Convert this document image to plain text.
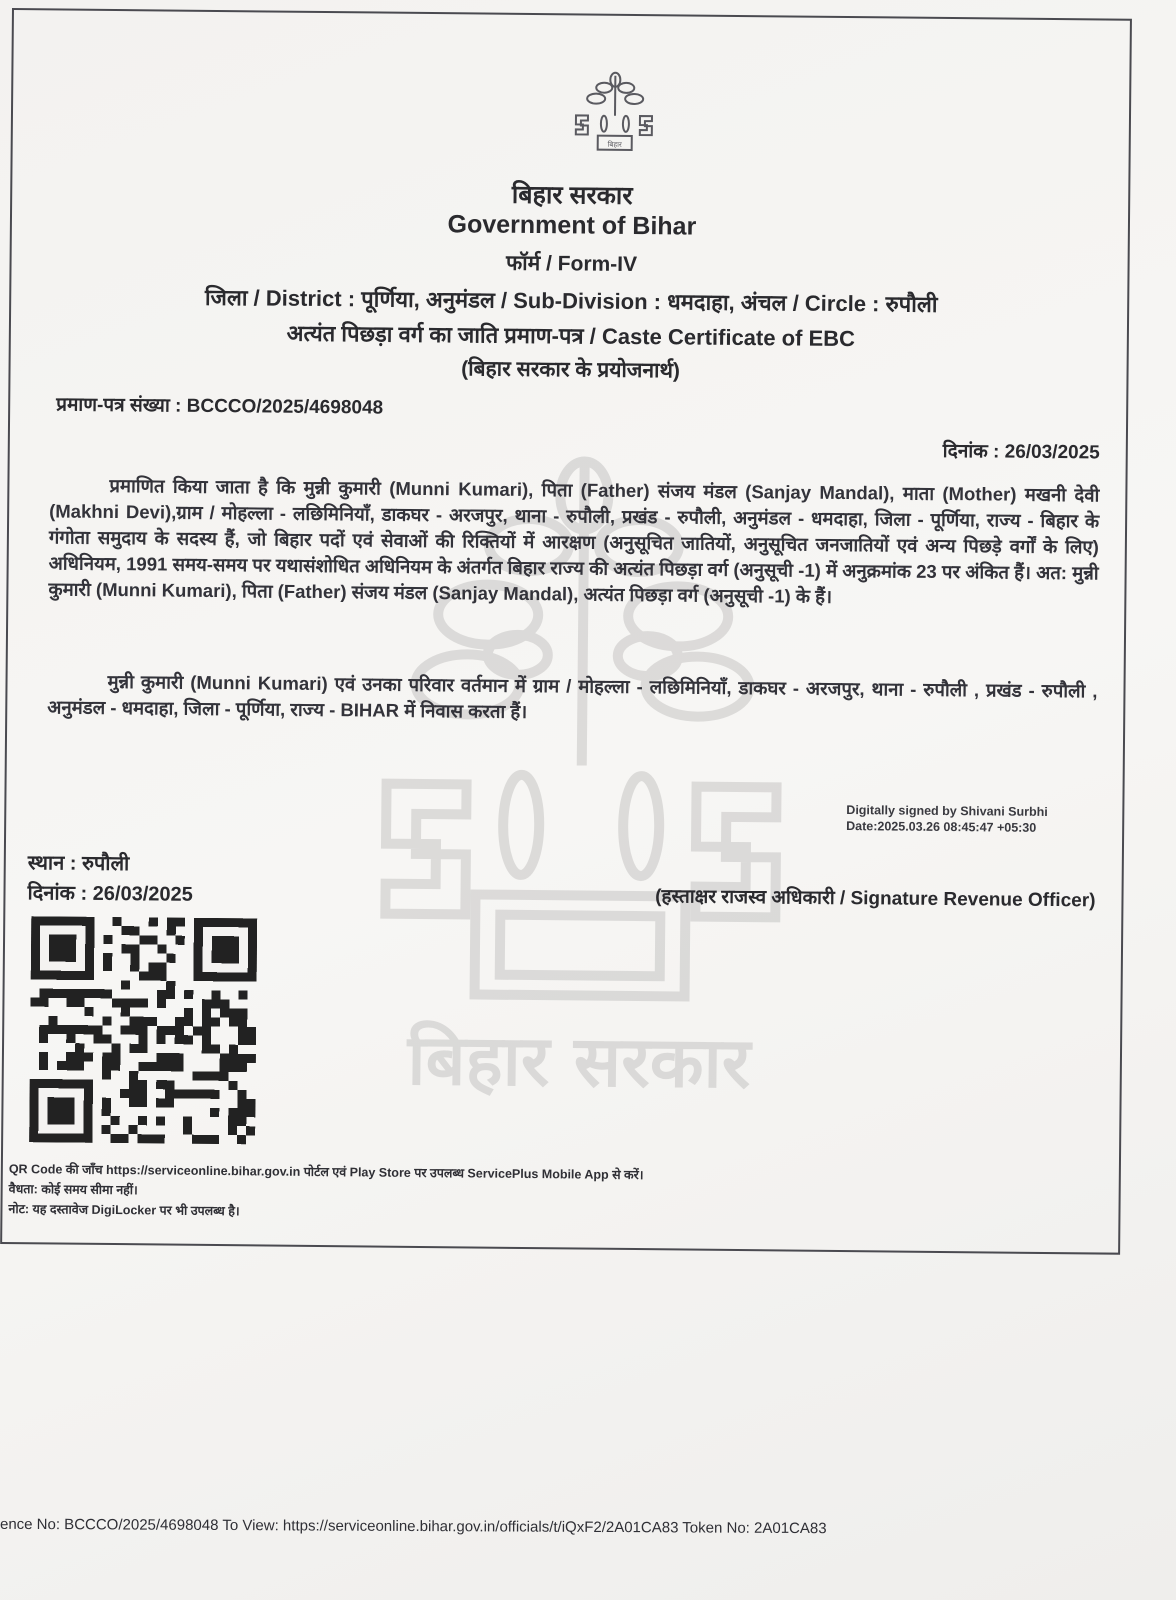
बिहार सरकार
बिहार
बिहार सरकार
Government of Bihar
फॉर्म / Form-IV
जिला / District : पूर्णिया, अनुमंडल / Sub-Division : धमदाहा, अंचल / Circle : रुपौली
अत्यंत पिछड़ा वर्ग का जाति प्रमाण-पत्र / Caste Certificate of EBC
(बिहार सरकार के प्रयोजनार्थ)
प्रमाण-पत्र संख्या : BCCCO/2025/4698048
दिनांक : 26/03/2025
प्रमाणित किया जाता है कि मुन्नी कुमारी (Munni Kumari), पिता (Father) संजय मंडल (Sanjay Mandal), माता (Mother) मखनी देवी (Makhni Devi),ग्राम / मोहल्ला - लछिमिनियाँ, डाकघर - अरजपुर, थाना - रुपौली, प्रखंड - रुपौली, अनुमंडल - धमदाहा, जिला - पूर्णिया, राज्य - बिहार के गंगोता समुदाय के सदस्य हैं, जो बिहार पदों एवं सेवाओं की रिक्तियों में आरक्षण (अनुसूचित जातियों, अनुसूचित जनजातियों एवं अन्य पिछड़े वर्गों के लिए) अधिनियम, 1991 समय-समय पर यथासंशोधित अधिनियम के अंतर्गत बिहार राज्य की अत्यंत पिछड़ा वर्ग (अनुसूची -1) में अनुक्रमांक 23 पर अंकित हैं। अत: मुन्नी कुमारी (Munni Kumari), पिता (Father) संजय मंडल (Sanjay Mandal), अत्यंत पिछड़ा वर्ग (अनुसूची -1) के हैं।
मुन्नी कुमारी (Munni Kumari) एवं उनका परिवार वर्तमान में ग्राम / मोहल्ला - लछिमिनियाँ, डाकघर - अरजपुर, थाना - रुपौली , प्रखंड - रुपौली , अनुमंडल - धमदाहा, जिला - पूर्णिया, राज्य - BIHAR में निवास करता हैं।
Digitally signed by Shivani Surbhi
Date:2025.03.26 08:45:47 +05:30
स्थान : रुपौली
दिनांक : 26/03/2025	(हस्ताक्षर राजस्व अधिकारी / Signature Revenue Officer)
QR Code की जाँच https://serviceonline.bihar.gov.in पोर्टल एवं Play Store पर उपलब्ध ServicePlus Mobile App से करें।
वैधता: कोई समय सीमा नहीं।
नोट: यह दस्तावेज DigiLocker पर भी उपलब्ध है।
ence No: BCCCO/2025/4698048 To View: https://serviceonline.bihar.gov.in/officials/t/iQxF2/2A01CA83 Token No: 2A01CA83
